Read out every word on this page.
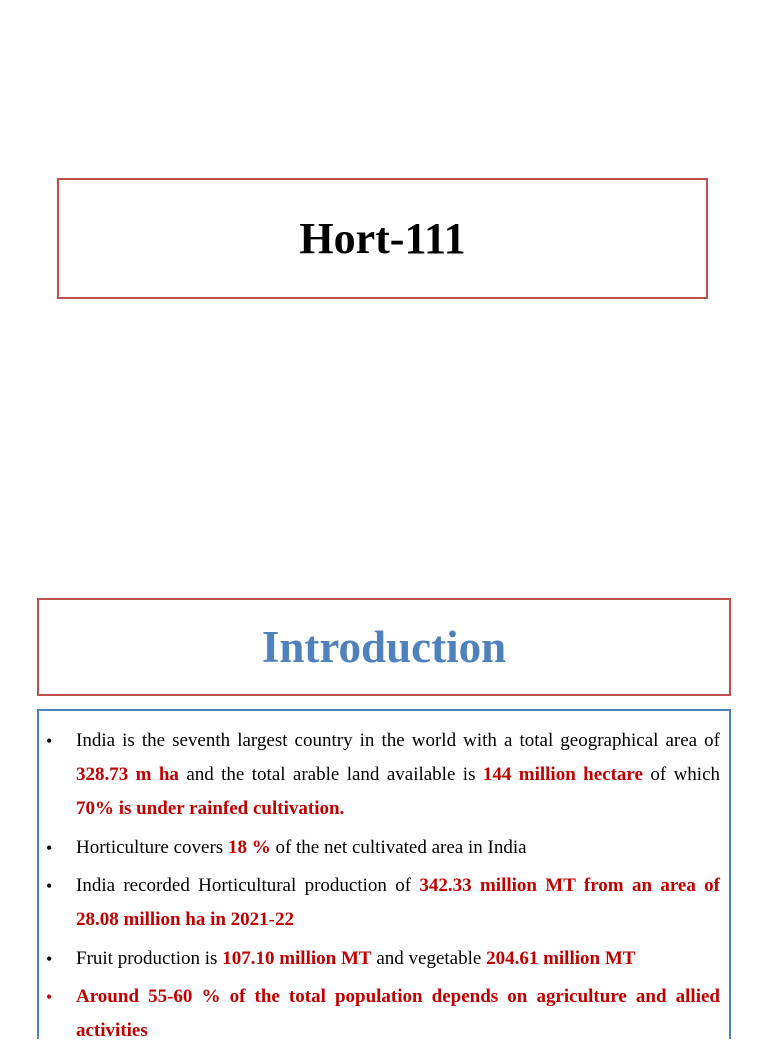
Hort-111
Introduction
• India is the seventh largest country in the world with a total geographical area of 328.73 m ha and the total arable land available is 144 million hectare of which 70% is under rainfed cultivation.
• Horticulture covers 18 % of the net cultivated area in India
• India recorded Horticultural production of 342.33 million MT from an area of 28.08 million ha in 2021-22
• Fruit production is 107.10 million MT and vegetable 204.61 million MT
• Around 55-60 % of the total population depends on agriculture and allied activities
